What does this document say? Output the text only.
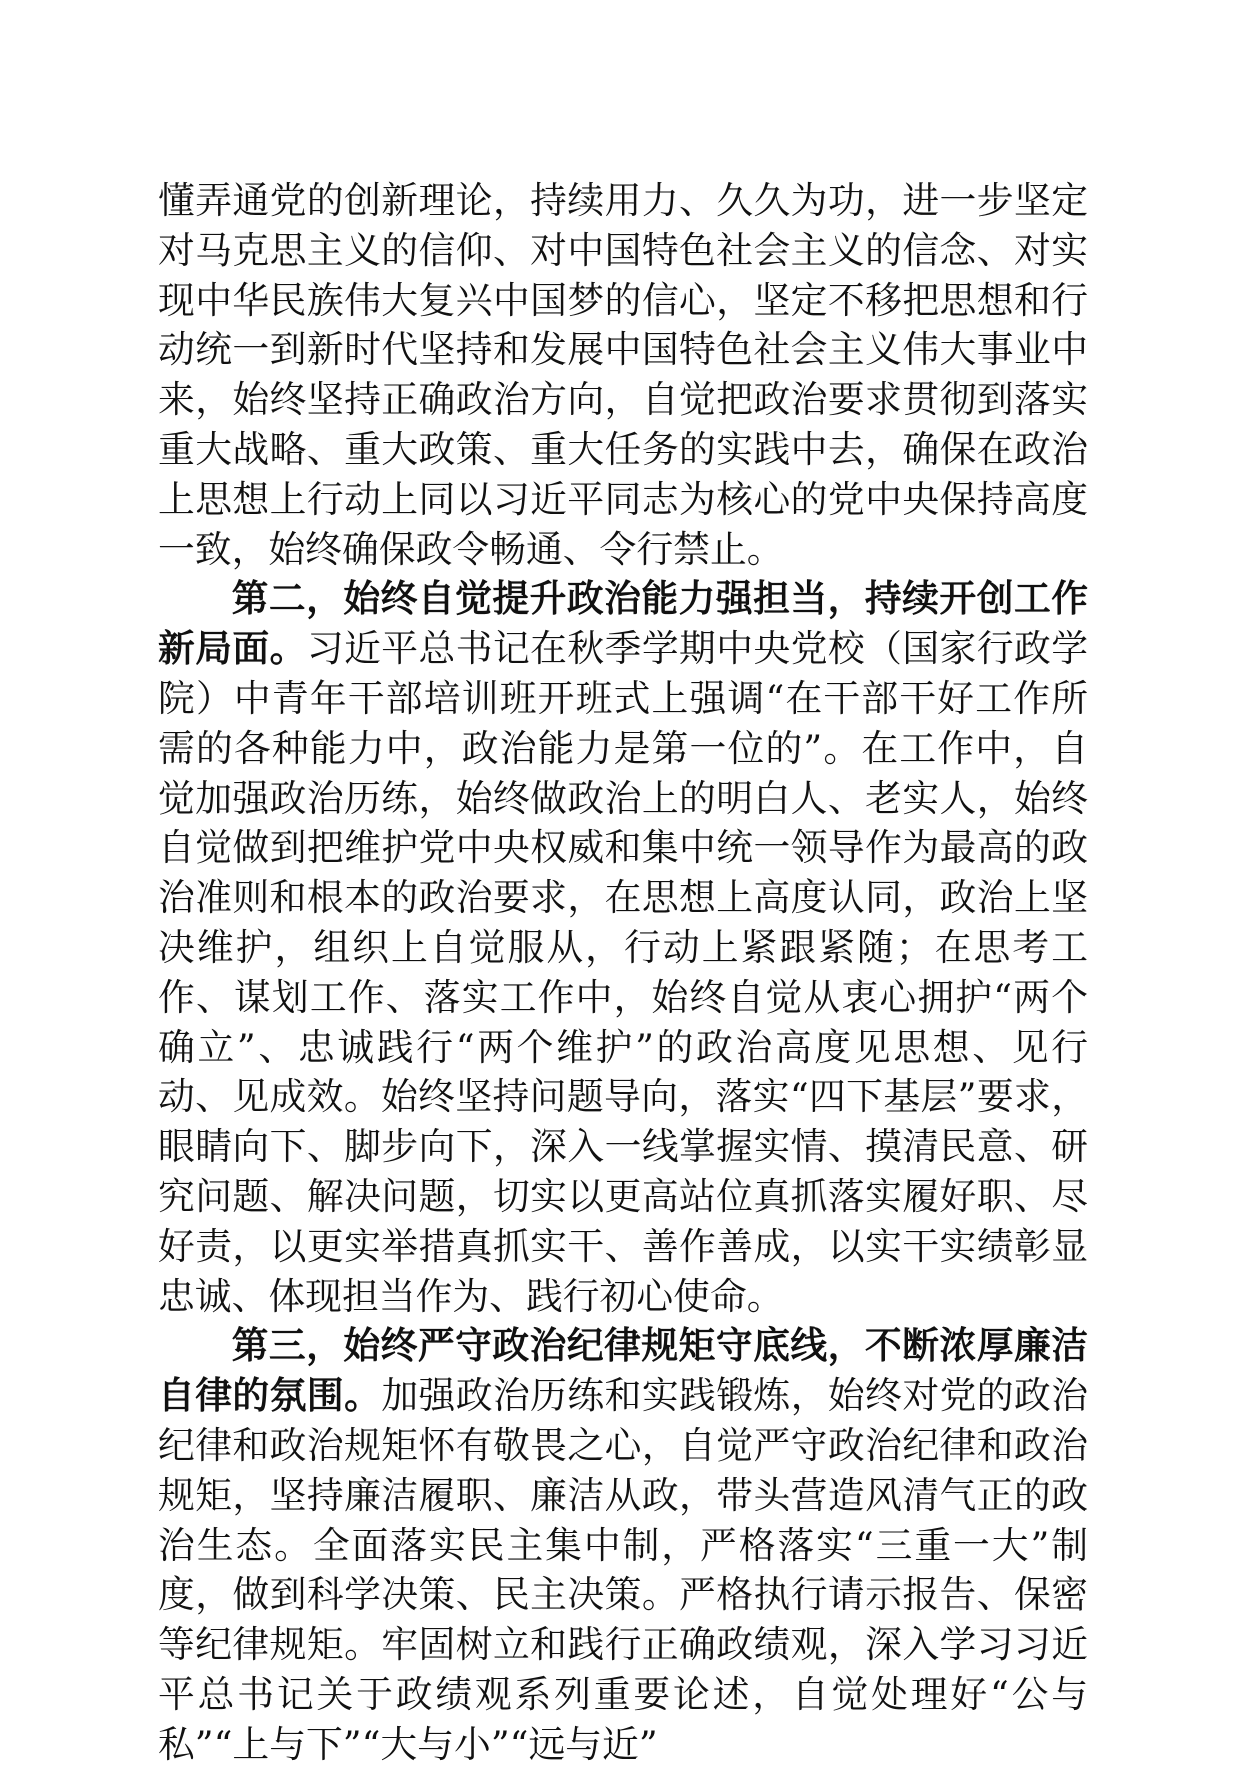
懂弄通党的创新理论，持续用力、久久为功，进一步坚定对马克思主义的信仰、对中国特色社会主义的信念、对实现中华民族伟大复兴中国梦的信心，坚定不移把思想和行动统一到新时代坚持和发展中国特色社会主义伟大事业中来，始终坚持正确政治方向，自觉把政治要求贯彻到落实重大战略、重大政策、重大任务的实践中去，确保在政治上思想上行动上同以习近平同志为核心的党中央保持高度一致，始终确保政令畅通、令行禁止。

第二，始终自觉提升政治能力强担当，持续开创工作新局面。习近平总书记在秋季学期中央党校（国家行政学院）中青年干部培训班开班式上强调“在干部干好工作所需的各种能力中，政治能力是第一位的”。在工作中，自觉加强政治历练，始终做政治上的明白人、老实人，始终自觉做到把维护党中央权威和集中统一领导作为最高的政治准则和根本的政治要求，在思想上高度认同，政治上坚决维护，组织上自觉服从，行动上紧跟紧随；在思考工作、谋划工作、落实工作中，始终自觉从衷心拥护“两个确立”、忠诚践行“两个维护”的政治高度见思想、见行动、见成效。始终坚持问题导向，落实“四下基层”要求，眼睛向下、脚步向下，深入一线掌握实情、摸清民意、研究问题、解决问题，切实以更高站位真抓落实履好职、尽好责，以更实举措真抓实干、善作善成，以实干实绩彰显忠诚、体现担当作为、践行初心使命。

第三，始终严守政治纪律规矩守底线，不断浓厚廉洁自律的氛围。加强政治历练和实践锻炼，始终对党的政治纪律和政治规矩怀有敬畏之心，自觉严守政治纪律和政治规矩，坚持廉洁履职、廉洁从政，带头营造风清气正的政治生态。全面落实民主集中制，严格落实“三重一大”制度，做到科学决策、民主决策。严格执行请示报告、保密等纪律规矩。牢固树立和践行正确政绩观，深入学习习近平总书记关于政绩观系列重要论述，自觉处理好“公与私”“上与下”“大与小”“远与近”
